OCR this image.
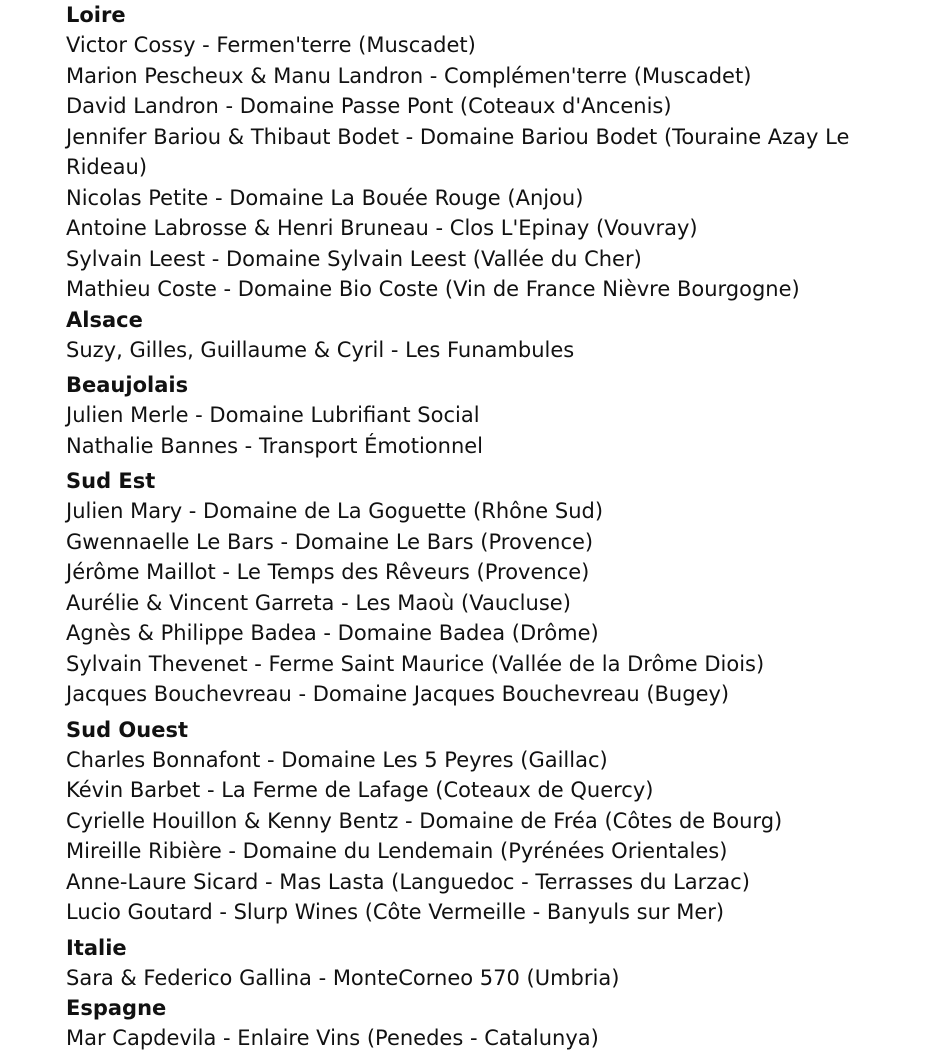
Loire
Victor Cossy - Fermen'terre (Muscadet)
Marion Pescheux & Manu Landron - Complémen'terre (Muscadet)
David Landron - Domaine Passe Pont (Coteaux d'Ancenis)
Jennifer Bariou & Thibaut Bodet - Domaine Bariou Bodet (Touraine Azay Le Rideau)
Nicolas Petite - Domaine La Bouée Rouge (Anjou)
Antoine Labrosse & Henri Bruneau - Clos L'Epinay (Vouvray)
Sylvain Leest - Domaine Sylvain Leest (Vallée du Cher)
Mathieu Coste - Domaine Bio Coste (Vin de France Nièvre Bourgogne)
Alsace
Suzy, Gilles, Guillaume & Cyril - Les Funambules
Beaujolais
Julien Merle - Domaine Lubrifiant Social
Nathalie Bannes - Transport Émotionnel
Sud Est
Julien Mary - Domaine de La Goguette (Rhône Sud)
Gwennaelle Le Bars - Domaine Le Bars (Provence)
Jérôme Maillot - Le Temps des Rêveurs (Provence)
Aurélie & Vincent Garreta - Les Maoù (Vaucluse)
Agnès & Philippe Badea - Domaine Badea (Drôme)
Sylvain Thevenet - Ferme Saint Maurice (Vallée de la Drôme Diois)
Jacques Bouchevreau - Domaine Jacques Bouchevreau (Bugey)
Sud Ouest
Charles Bonnafont - Domaine Les 5 Peyres (Gaillac)
Kévin Barbet - La Ferme de Lafage (Coteaux de Quercy)
Cyrielle Houillon & Kenny Bentz - Domaine de Fréa (Côtes de Bourg)
Mireille Ribière - Domaine du Lendemain (Pyrénées Orientales)
Anne-Laure Sicard - Mas Lasta (Languedoc - Terrasses du Larzac)
Lucio Goutard - Slurp Wines (Côte Vermeille - Banyuls sur Mer)
Italie
Sara & Federico Gallina - MonteCorneo 570 (Umbria)
Espagne
Mar Capdevila - Enlaire Vins (Penedes - Catalunya)
